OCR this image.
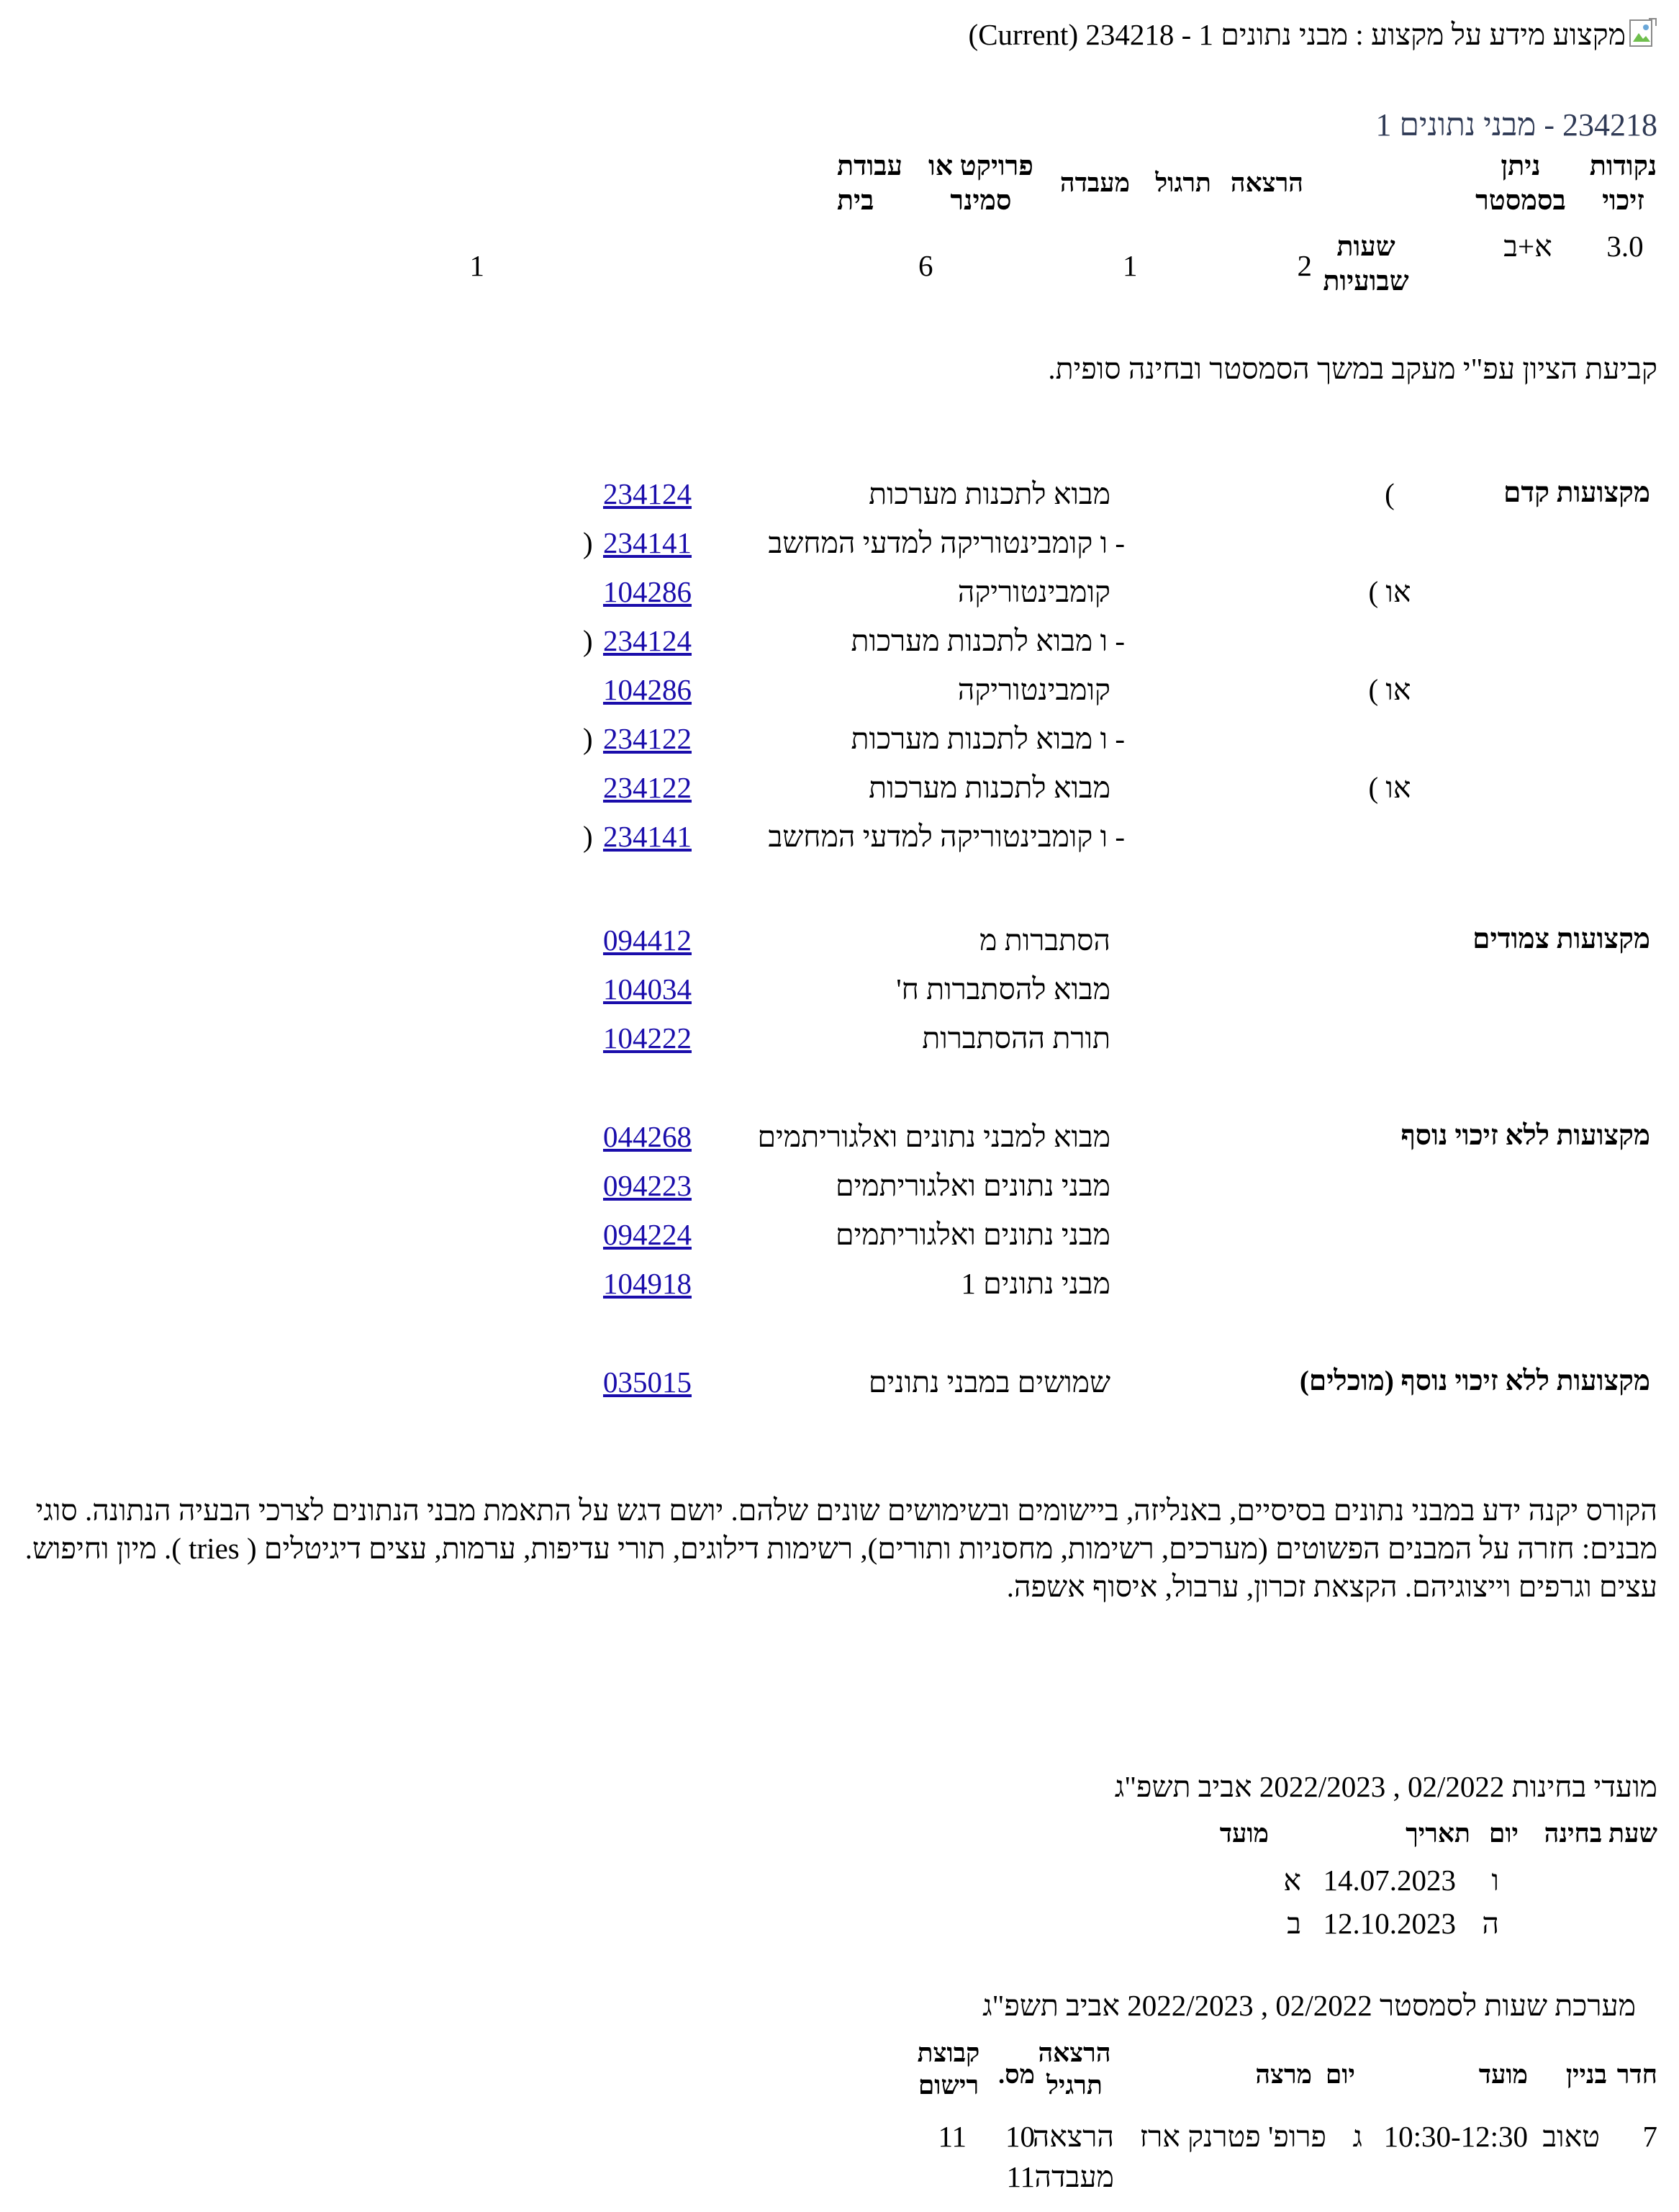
מקצוע מידע על מקצוע : מבני נתונים 1 - 234218 (Current)
234218 - מבני נתונים 1
נקודות זיכוי
ניתן בסמסטר
הרצאה
תרגול
מעבדה
פרויקט או סמינר
עבודת בית
3.0
א+ב
שעות שבועיות
2
1	1
6
קביעת הציון עפ"י מעקב במשך הסמסטר ובחינה סופית.
מקצועות קדם
)
מבוא לתכנות מערכות
234124
- ו קומבינטוריקה למדעי המחשב
234141
(
או )
קומבינטוריקה
104286
- ו מבוא לתכנות מערכות
234124
(
או )
קומבינטוריקה
104286
- ו מבוא לתכנות מערכות
234122
(
או )
מבוא לתכנות מערכות
234122
- ו קומבינטוריקה למדעי המחשב
234141
(
מקצועות צמודים
הסתברות מ
094412
מבוא להסתברות ח'
104034
תורת ההסתברות
104222
מקצועות ללא זיכוי נוסף
מבוא למבני נתונים ואלגוריתמים
044268
מבני נתונים ואלגוריתמים
094223
מבני נתונים ואלגוריתמים
094224
מבני נתונים 1
104918
מקצועות ללא זיכוי נוסף (מוכלים)
שמושים במבני נתונים
035015
הקורס יקנה ידע במבני נתונים בסיסיים, באנליזה, ביישומים ובשימושים שונים שלהם. יושם דגש על התאמת מבני הנתונים לצרכי הבעיה הנתונה. סוגי מבנים: חזרה על המבנים הפשוטים (מערכים, רשימות, מחסניות ותורים), רשימות דילוגים, תורי עדיפות, ערמות, עצים דיגיטלים ( tries ). מיון וחיפוש. עצים וגרפים וייצוגיהם. הקצאת זכרון, ערבול, איסוף אשפה.
מועדי בחינות 02/2022 , 2022/2023 אביב תשפ"ג
שעת בחינה
יום
תאריך
מועד
ו
14.07.2023
א
ה
12.10.2023
ב
מערכת שעות לסמסטר 02/2022 , 2022/2023 אביב תשפ"ג
חדר
בניין
מועד
יום
מרצה
הרצאה תרגיל
מס.
קבוצת רישום
7
טאוב
10:30-12:30
ג
פרופ' פטרנק ארז
הרצאה
10
11
מעבדה
11
